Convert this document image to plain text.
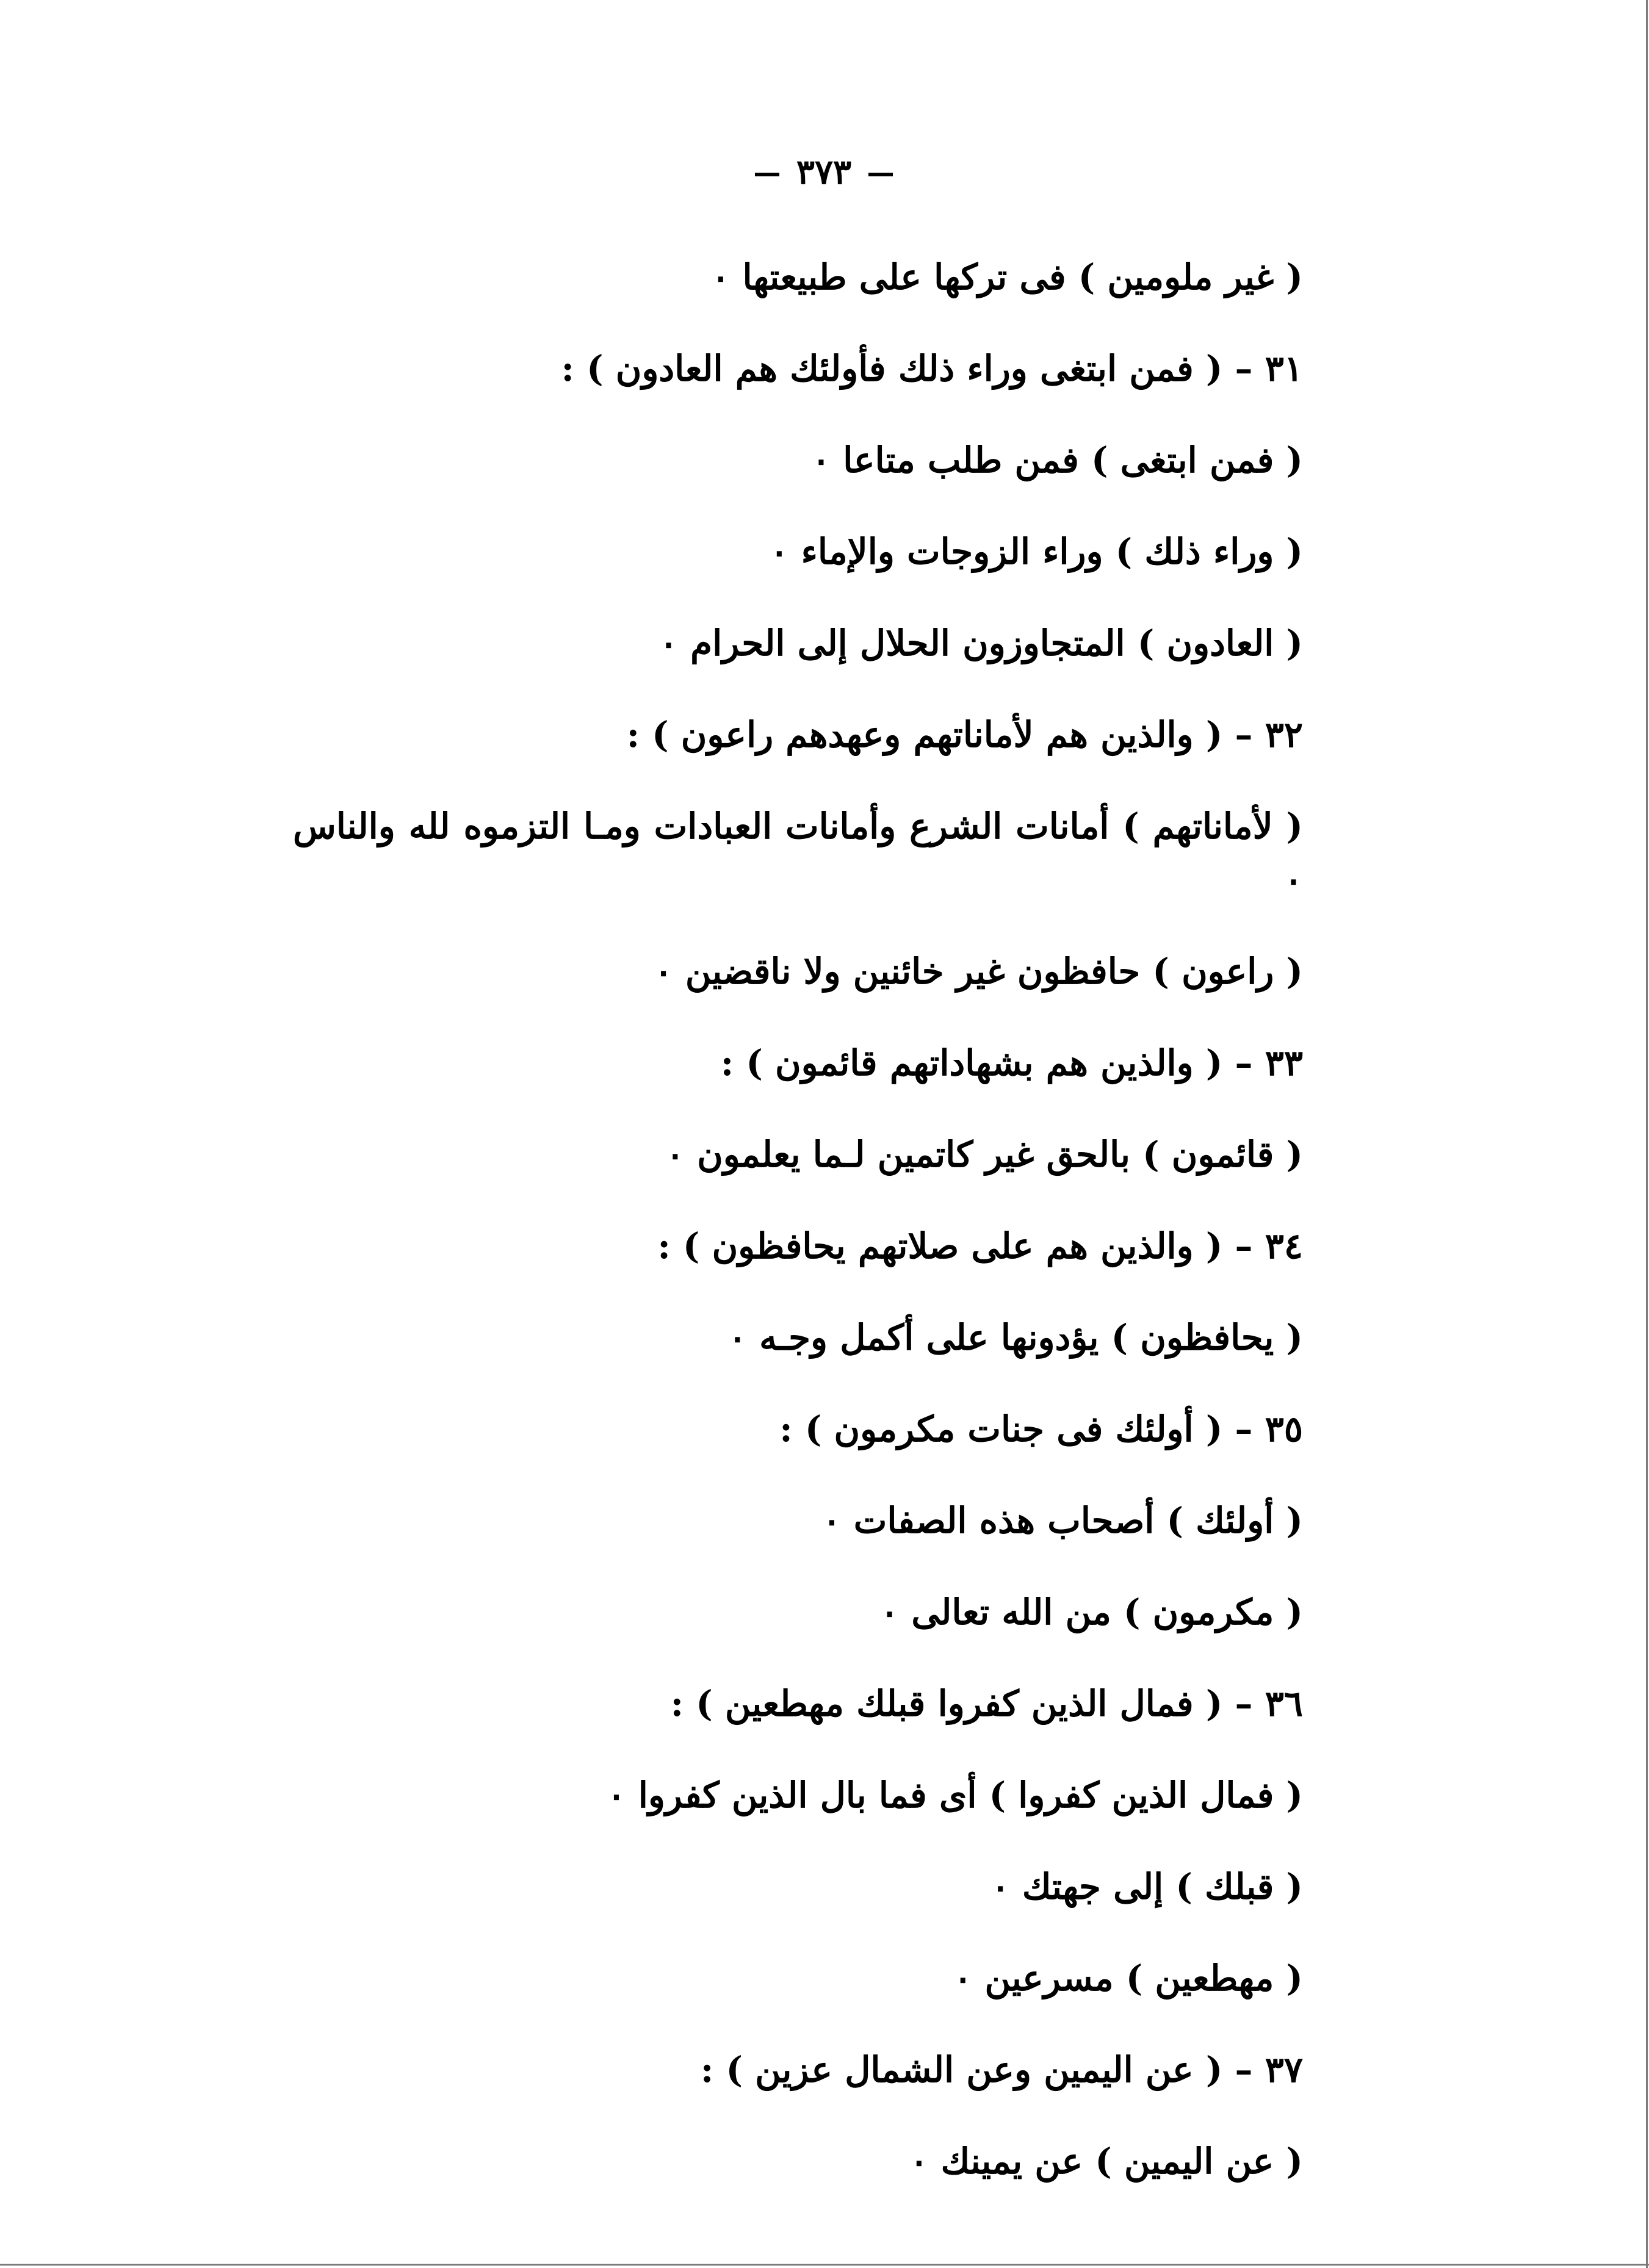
٣٧٣
( غير ملومين ) فى تركها على طبيعتها ٠
٣١ – ( فمن ابتغى وراء ذلك فأولئك هم العادون ) :
( فمن ابتغى ) فمن طلب متاعا ٠
( وراء ذلك ) وراء الزوجات والإماء ٠
( العادون ) المتجاوزون الحلال إلى الحرام ٠
٣٢ – ( والذين هم لأماناتهم وعهدهم راعون ) :
( لأماناتهم ) أمانات الشرع وأمانات العبادات ومـا التزموه لله والناس ٠
( راعون ) حافظون غير خائنين ولا ناقضين ٠
٣٣ – ( والذين هم بشهاداتهم قائمون ) :
( قائمون ) بالحق غير كاتمين لـما يعلمون ٠
٣٤ – ( والذين هم على صلاتهم يحافظون ) :
( يحافظون ) يؤدونها على أكمل وجـه ٠
٣٥ – ( أولئك فى جنات مكرمون ) :
( أولئك ) أصحاب هذه الصفات ٠
( مكرمون ) من الله تعالى ٠
٣٦ – ( فمال الذين كفروا قبلك مهطعين ) :
( فمال الذين كفروا ) أى فما بال الذين كفروا ٠
( قبلك ) إلى جهتك ٠
( مهطعين ) مسرعين ٠
٣٧ – ( عن اليمين وعن الشمال عزين ) :
( عن اليمين ) عن يمينك ٠
